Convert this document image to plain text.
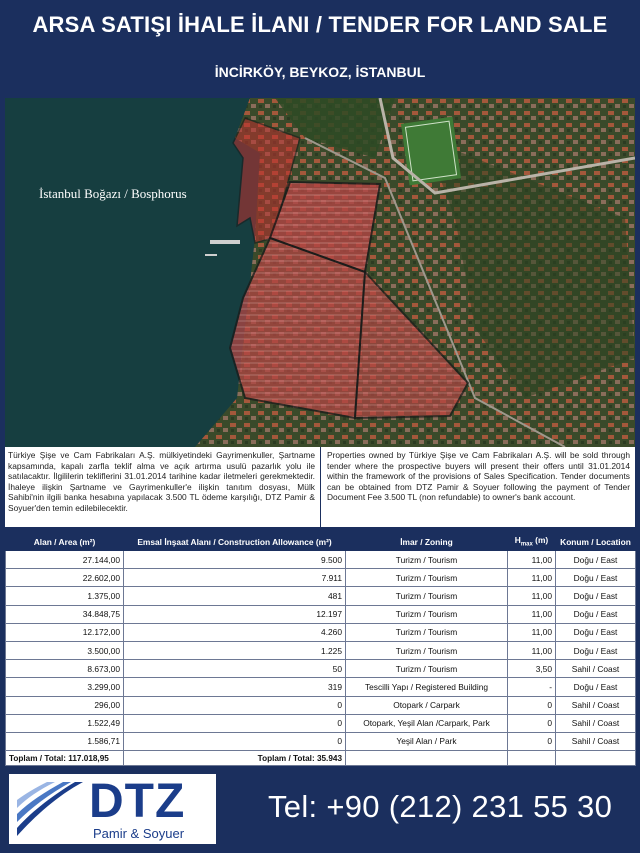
ARSA SATIŞI İHALE İLANI / TENDER FOR LAND SALE
İNCİRKÖY, BEYKOZ, İSTANBUL
İstanbul Boğazı / Bosphorus
Türkiye Şişe ve Cam Fabrikaları A.Ş. mülkiyetindeki Gayrimenkuller, Şartname kapsamında, kapalı zarfla teklif alma ve açık artırma usulü pazarlık yolu ile satılacaktır. İlgililerin tekliflerini 31.01.2014 tarihine kadar iletmeleri gerekmektedir. İhaleye ilişkin Şartname ve Gayrimenkuller'e ilişkin tanıtım dosyası, Mülk Sahibi'nin ilgili banka hesabına yapılacak 3.500 TL ödeme karşılığı, DTZ Pamir & Soyuer'den temin edilebilecektir.
Properties owned by Türkiye Şişe ve Cam Fabrikaları A.Ş. will be sold through tender where the prospective buyers will present their offers until 31.01.2014 within the framework of the provisions of Sales Specification. Tender documents can be obtained from DTZ Pamir & Soyuer following the payment of Tender Document Fee 3.500 TL (non refundable) to owner's bank account.
Alan / Area (m²)	Emsal İnşaat Alanı / Construction Allowance (m²)	İmar / Zoning	$H_{max}$ (m)	Konum / Location
27.144,00	9.500	Turizm / Tourism	11,00	Doğu / East
22.602,00	7.911	Turizm / Tourism	11,00	Doğu / East
1.375,00	481	Turizm / Tourism	11,00	Doğu / East
34.848,75	12.197	Turizm / Tourism	11,00	Doğu / East
12.172,00	4.260	Turizm / Tourism	11,00	Doğu / East
3.500,00	1.225	Turizm / Tourism	11,00	Doğu / East
8.673,00	50	Turizm / Tourism	3,50	Sahil / Coast
3.299,00	319	Tescilli Yapı / Registered Building	-	Doğu / East
296,00	0	Otopark / Carpark	0	Sahil / Coast
1.522,49	0	Otopark, Yeşil Alan /Carpark, Park	0	Sahil / Coast
1.586,71	0	Yeşil Alan / Park	0	Sahil / Coast
Toplam / Total: 117.018,95	Toplam / Total: 35.943			
DTZ
Pamir & Soyuer
Tel: +90 (212) 231 55 30
